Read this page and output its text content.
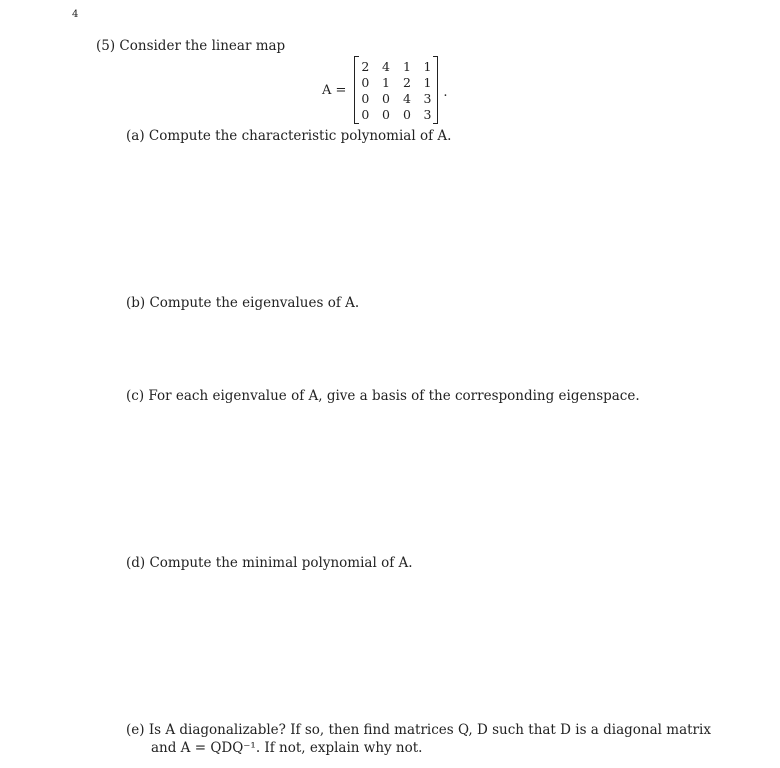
4
(5) Consider the linear map
A =
2	4	1	1
0	1	2	1
0	0	4	3
0	0	0	3
.
(a) Compute the characteristic polynomial of A.
(b) Compute the eigenvalues of A.
(c) For each eigenvalue of A, give a basis of the corresponding eigenspace.
(d) Compute the minimal polynomial of A.
(e) Is A diagonalizable? If so, then find matrices Q, D such that D is a diagonal matrix
and A = QDQ⁻¹. If not, explain why not.
